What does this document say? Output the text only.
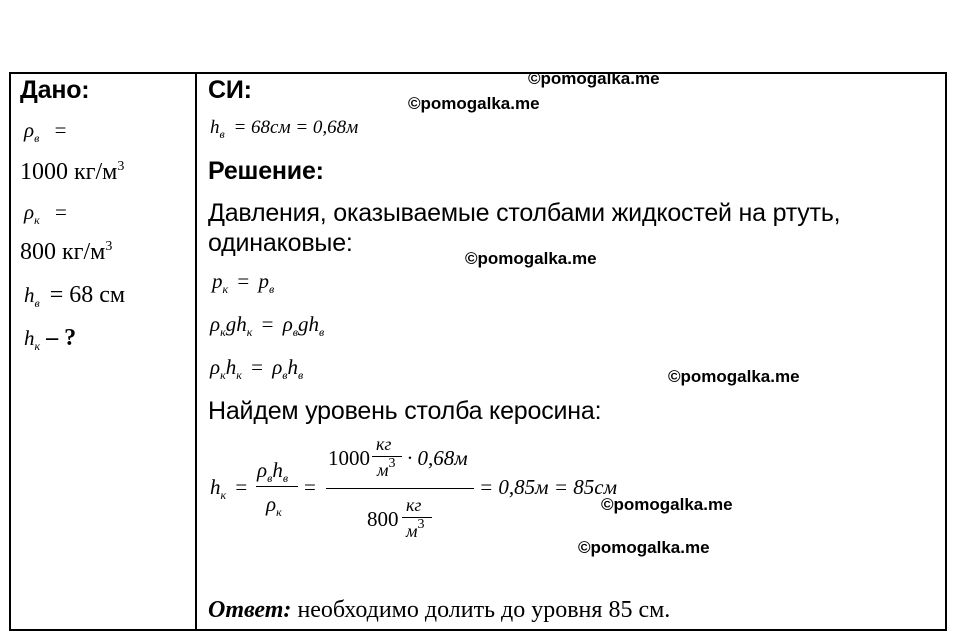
Дано:
$\rho_в$ =
1000 $кг/м^3$
$\rho_к$ =
800 $кг/м^3$
$h_в = 68$ см
$h_к$ – ?
СИ:
$h_в = 68см = 0,68м$
Решение:
Давления, оказываемые столбами жидкостей на ртуть,
одинаковые:
$p_к = p_в$
$\rho_кgh_к = \rho_вgh_в$
$\rho_кh_к = \rho_вh_в$
Найдем уровень столба керосина:
$h_к$ =
$\rho_вh_в$
$\rho_к$
=
1000
кг
$м^3 \cdot 0,68м$
800
кг
$м^3$
= 0,85м = 85см
Ответ: необходимо долить до уровня 85 см.
©pomogalka.me
©pomogalka.me
©pomogalka.me
©pomogalka.me
©pomogalka.me
©pomogalka.me
